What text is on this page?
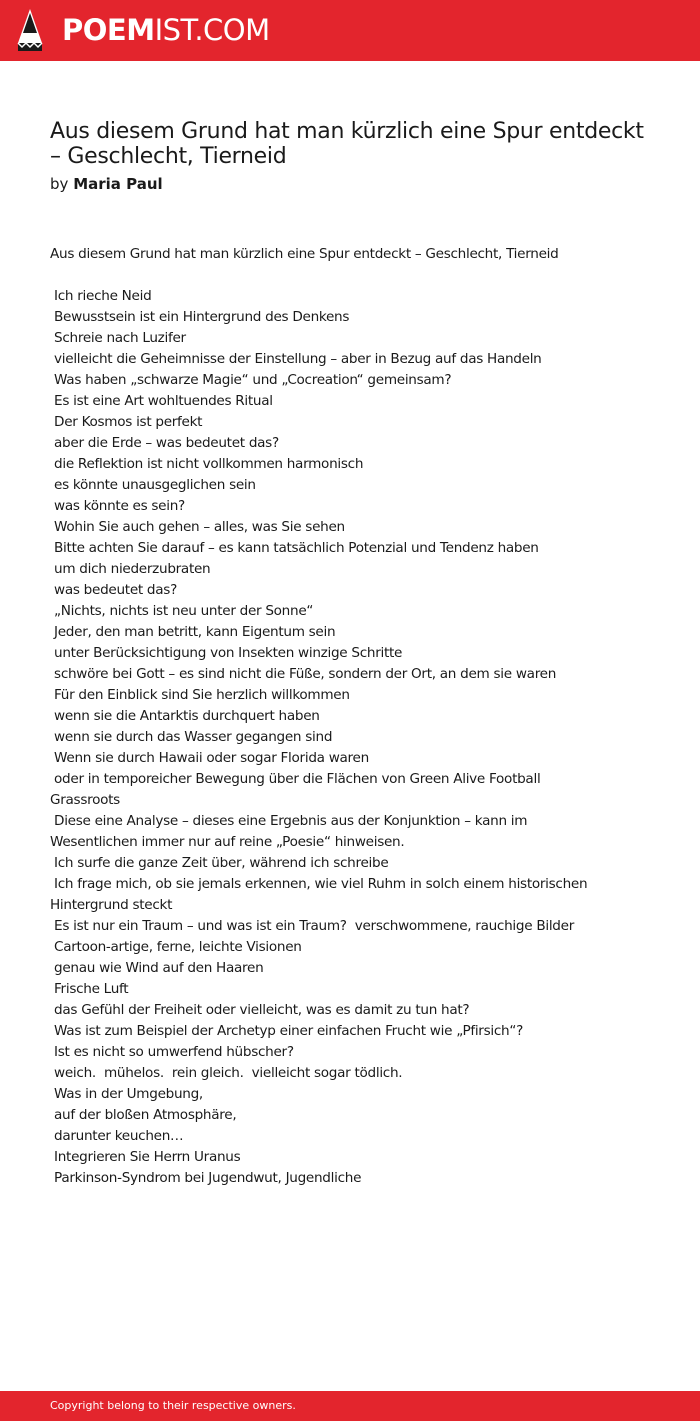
POEMIST.COM
Aus diesem Grund hat man kürzlich eine Spur entdeckt – Geschlecht, Tierneid
by Maria Paul
Aus diesem Grund hat man kürzlich eine Spur entdeckt – Geschlecht, Tierneid
Ich rieche Neid
Bewusstsein ist ein Hintergrund des Denkens
Schreie nach Luzifer
vielleicht die Geheimnisse der Einstellung – aber in Bezug auf das Handeln
Was haben „schwarze Magie“ und „Cocreation“ gemeinsam?
Es ist eine Art wohltuendes Ritual
Der Kosmos ist perfekt
aber die Erde – was bedeutet das?
die Reflektion ist nicht vollkommen harmonisch
es könnte unausgeglichen sein
was könnte es sein?
Wohin Sie auch gehen – alles, was Sie sehen
Bitte achten Sie darauf – es kann tatsächlich Potenzial und Tendenz haben
um dich niederzubraten
was bedeutet das?
„Nichts, nichts ist neu unter der Sonne“
Jeder, den man betritt, kann Eigentum sein
unter Berücksichtigung von Insekten winzige Schritte
schwöre bei Gott – es sind nicht die Füße, sondern der Ort, an dem sie waren
Für den Einblick sind Sie herzlich willkommen
wenn sie die Antarktis durchquert haben
wenn sie durch das Wasser gegangen sind
Wenn sie durch Hawaii oder sogar Florida waren
oder in temporeicher Bewegung über die Flächen von Green Alive Football Grassroots
Diese eine Analyse – dieses eine Ergebnis aus der Konjunktion – kann im Wesentlichen immer nur auf reine „Poesie“ hinweisen.
Ich surfe die ganze Zeit über, während ich schreibe
Ich frage mich, ob sie jemals erkennen, wie viel Ruhm in solch einem historischen Hintergrund steckt
Es ist nur ein Traum – und was ist ein Traum?  verschwommene, rauchige Bilder
Cartoon-artige, ferne, leichte Visionen
genau wie Wind auf den Haaren
Frische Luft
das Gefühl der Freiheit oder vielleicht, was es damit zu tun hat?
Was ist zum Beispiel der Archetyp einer einfachen Frucht wie „Pfirsich“?
Ist es nicht so umwerfend hübscher?
weich.  mühelos.  rein gleich.  vielleicht sogar tödlich.
Was in der Umgebung,
auf der bloßen Atmosphäre,
darunter keuchen…
Integrieren Sie Herrn Uranus
Parkinson-Syndrom bei Jugendwut, Jugendliche
Copyright belong to their respective owners.
